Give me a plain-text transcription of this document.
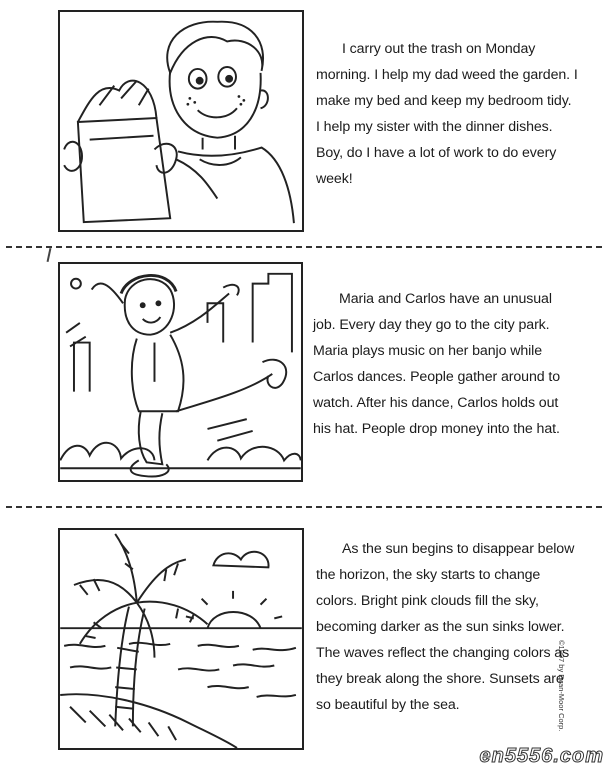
I carry out the trash on Monday morning. I help my dad weed the garden. I make my bed and keep my bedroom tidy. I help my sister with the dinner dishes. Boy, do I have a lot of work to do every week!

Maria and Carlos have an unusual job. Every day they go to the city park. Maria plays music on her banjo while Carlos dances. People gather around to watch. After his dance, Carlos holds out his hat. People drop money into the hat.

As the sun begins to disappear below the horizon, the sky starts to change colors. Bright pink clouds fill the sky, becoming darker as the sun sinks lower. The waves reflect the changing colors as they break along the shore. Sunsets are so beautiful by the sea.	©1997 by Evan-Moor Corp.
en5556.com
